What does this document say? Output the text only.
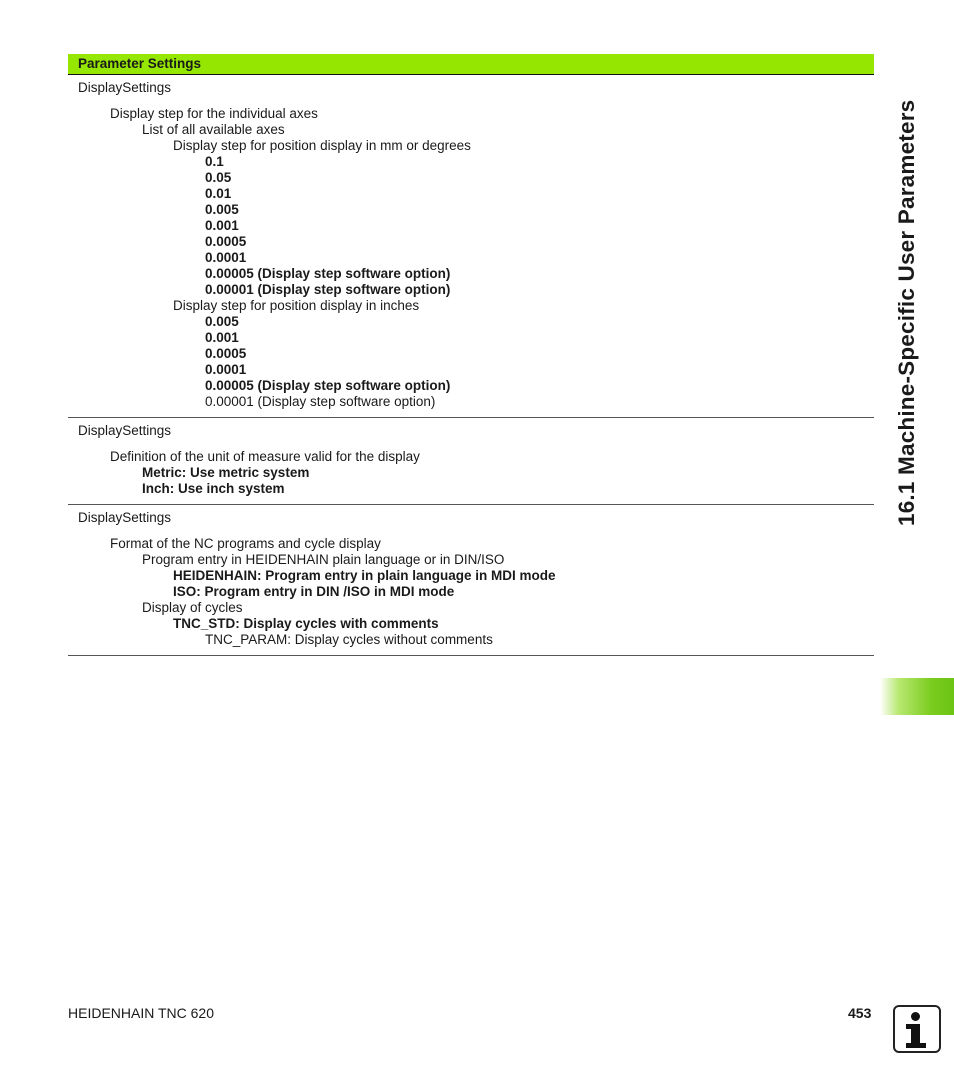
Parameter Settings
DisplaySettings
Display step for the individual axes
List of all available axes
Display step for position display in mm or degrees
0.1
0.05
0.01
0.005
0.001
0.0005
0.0001
0.00005 (Display step software option)
0.00001 (Display step software option)
Display step for position display in inches
0.005
0.001
0.0005
0.0001
0.00005 (Display step software option)
0.00001 (Display step software option)
DisplaySettings
Definition of the unit of measure valid for the display
Metric: Use metric system
Inch: Use inch system
DisplaySettings
Format of the NC programs and cycle display
Program entry in HEIDENHAIN plain language or in DIN/ISO
HEIDENHAIN: Program entry in plain language in MDI mode
ISO: Program entry in DIN /ISO in MDI mode
Display of cycles
TNC_STD: Display cycles with comments
TNC_PARAM: Display cycles without comments
16.1 Machine-Specific User Parameters
HEIDENHAIN TNC 620	453
